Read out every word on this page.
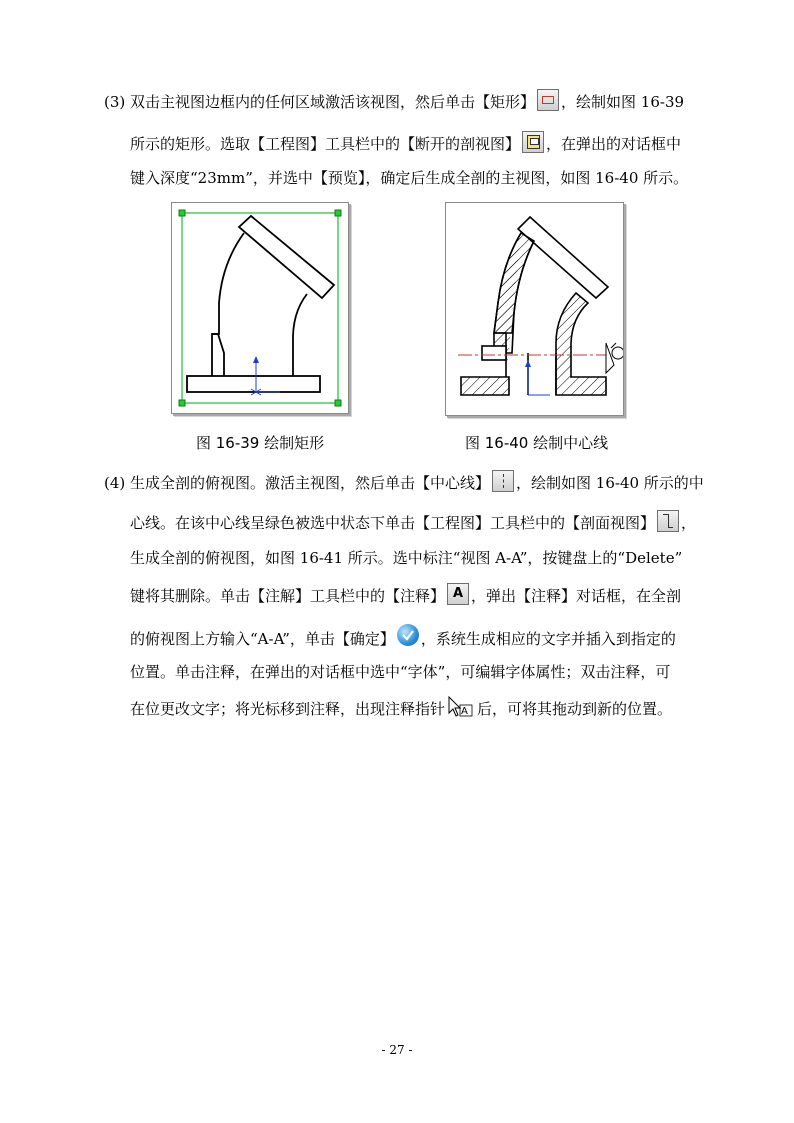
(3) 双击主视图边框内的任何区域激活该视图，然后单击【矩形】 ，绘制如图 16-39
所示的矩形。选取【工程图】工具栏中的【断开的剖视图】 ，在弹出的对话框中
键入深度“23mm”，并选中【预览】，确定后生成全剖的主视图，如图 16-40 所示。
图 16-39 绘制矩形	图 16-40 绘制中心线
(4) 生成全剖的俯视图。激活主视图，然后单击【中心线】 ，绘制如图 16-40 所示的中
心线。在该中心线呈绿色被选中状态下单击【工程图】工具栏中的【剖面视图】 ，
生成全剖的俯视图，如图 16-41 所示。选中标注“视图 A-A”，按键盘上的“Delete”
键将其删除。单击【注解】工具栏中的【注释】 A ，弹出【注释】对话框，在全剖
的俯视图上方输入“A-A”，单击【确定】 ，系统生成相应的文字并插入到指定的
位置。单击注释，在弹出的对话框中选中“字体”，可编辑字体属性；双击注释，可
在位更改文字；将光标移到注释，出现注释指针 A 后，可将其拖动到新的位置。
- 27 -
